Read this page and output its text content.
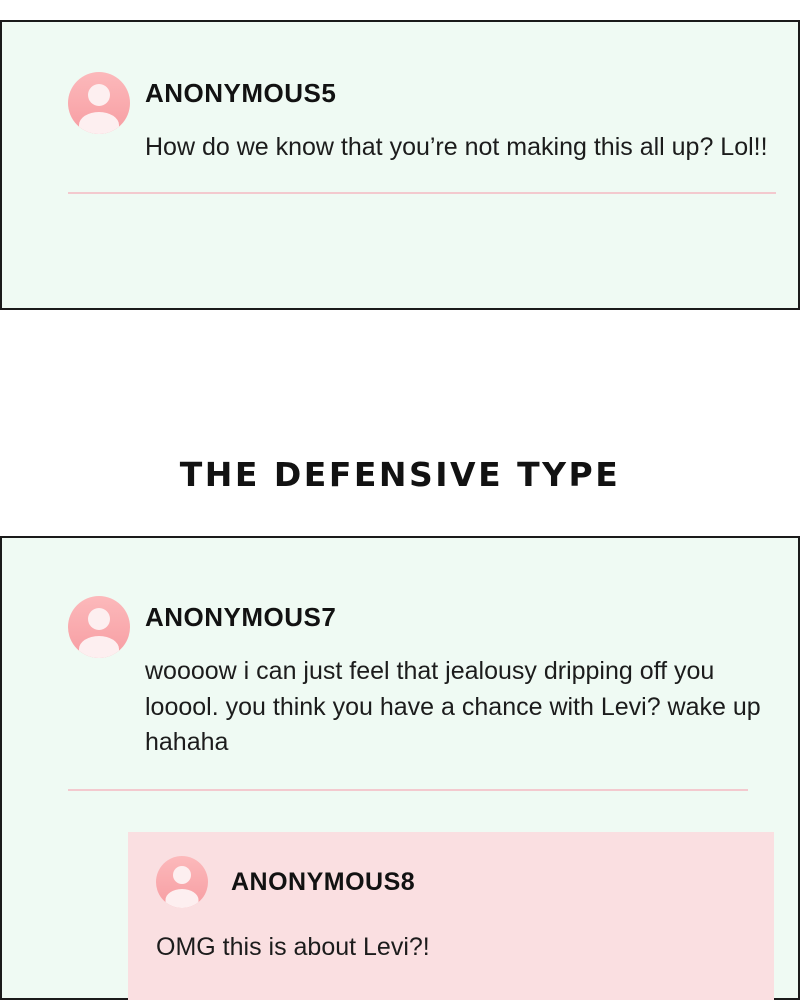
ANONYMOUS5

How do we know that you’re not making this all up? Lol!!

THE DEFENSIVE TYPE

ANONYMOUS7

woooow i can just feel that jealousy dripping off you looool. you think you have a chance with Levi? wake up hahaha

ANONYMOUS8

OMG this is about Levi?!
